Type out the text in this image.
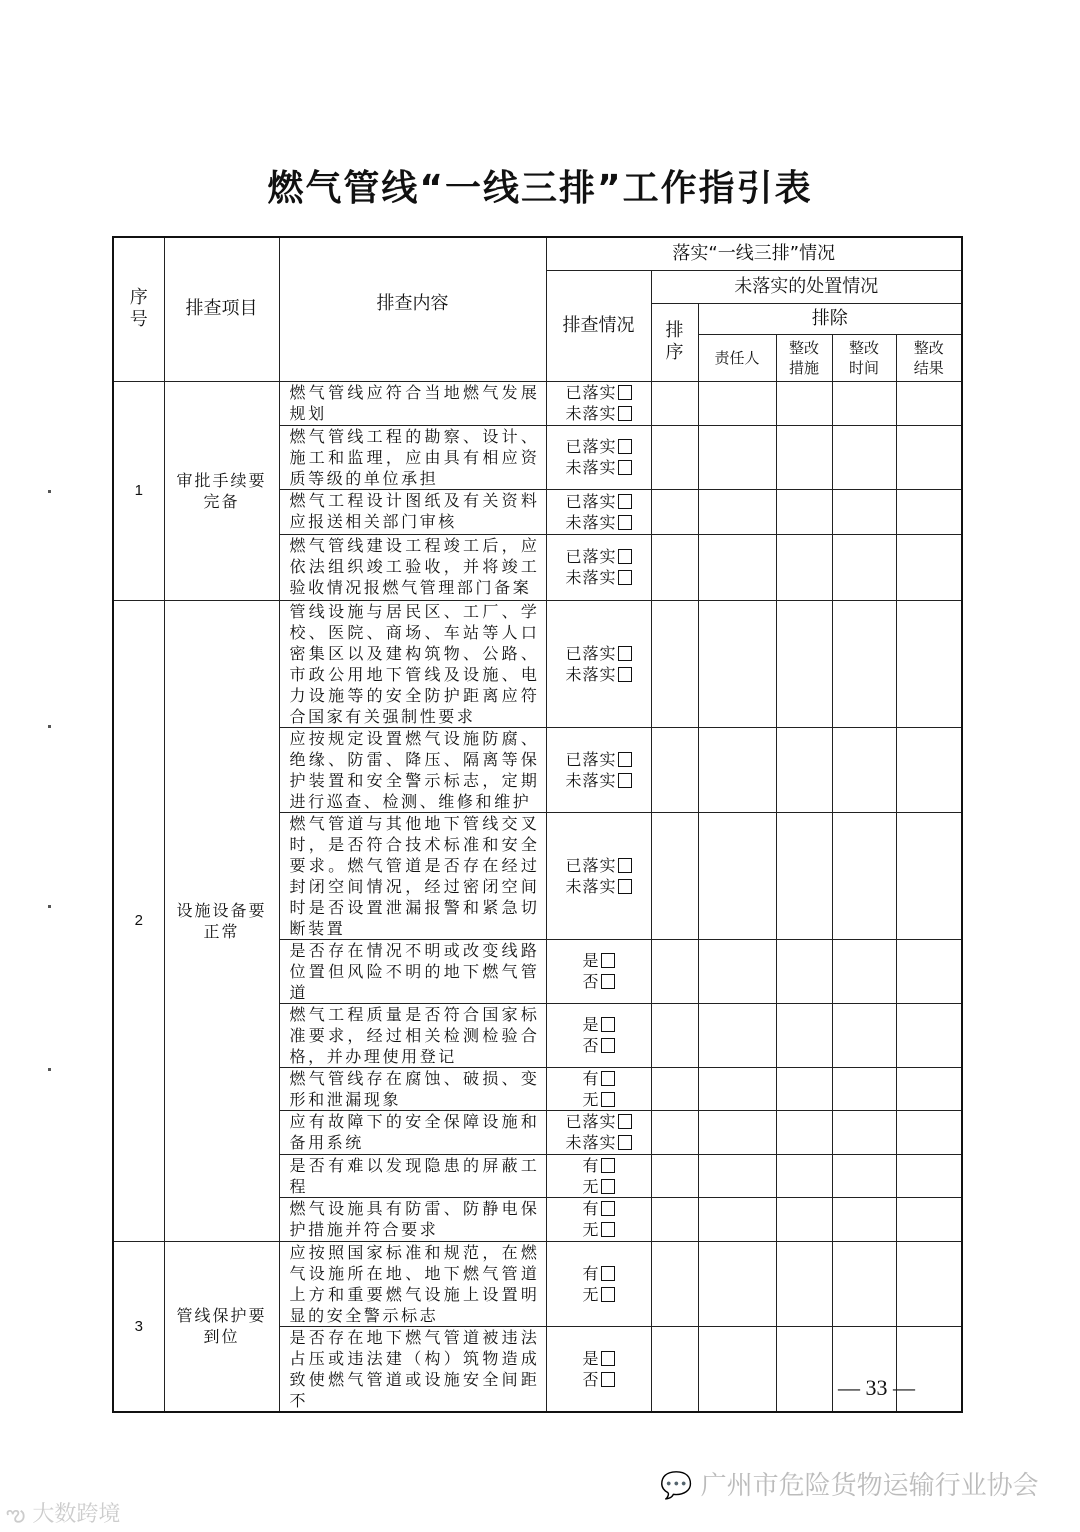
燃气管线“一线三排”工作指引表
序号	排查项目	排查内容	落实“一线三排”情况					
			排查情况	未落实的处置情况				
				排序	排除			
					责任人	整改措施	整改时间	整改结果
1	审批手续要完备	燃气管线应符合当地燃气发展规划	已落实
未落实					

		燃气管线工程的勘察、设计、施工和监理，应由具有相应资质等级的单位承担	已落实
未落实					

		燃气工程设计图纸及有关资料应报送相关部门审核	已落实
未落实					

		燃气管线建设工程竣工后，应依法组织竣工验收，并将竣工验收情况报燃气管理部门备案	已落实
未落实					

2	设施设备要正常	管线设施与居民区、工厂、学校、医院、商场、车站等人口密集区以及建构筑物、公路、市政公用地下管线及设施、电力设施等的安全防护距离应符合国家有关强制性要求	已落实
未落实					

		应按规定设置燃气设施防腐、绝缘、防雷、降压、隔离等保护装置和安全警示标志，定期进行巡查、检测、维修和维护	已落实
未落实					

		燃气管道与其他地下管线交叉时，是否符合技术标准和安全要求。燃气管道是否存在经过封闭空间情况，经过密闭空间时是否设置泄漏报警和紧急切断装置	已落实
未落实					

		是否存在情况不明或改变线路位置但风险不明的地下燃气管道	是
否					

		燃气工程质量是否符合国家标准要求，经过相关检测检验合格，并办理使用登记	是
否					

		燃气管线存在腐蚀、破损、变形和泄漏现象	有
无					

		应有故障下的安全保障设施和备用系统	已落实
未落实					

		是否有难以发现隐患的屏蔽工程	有
无					

		燃气设施具有防雷、防静电保护措施并符合要求	有
无					

3	管线保护要到位	应按照国家标准和规范，在燃气设施所在地、地下燃气管道上方和重要燃气设施上设置明显的安全警示标志	有
无					

		是否存在地下燃气管道被违法占压或违法建（构）筑物造成致使燃气管道或设施安全间距不	是
否					
						— 33 —
💬 广州市危险货物运输行业协会
ఌ 大数跨境
